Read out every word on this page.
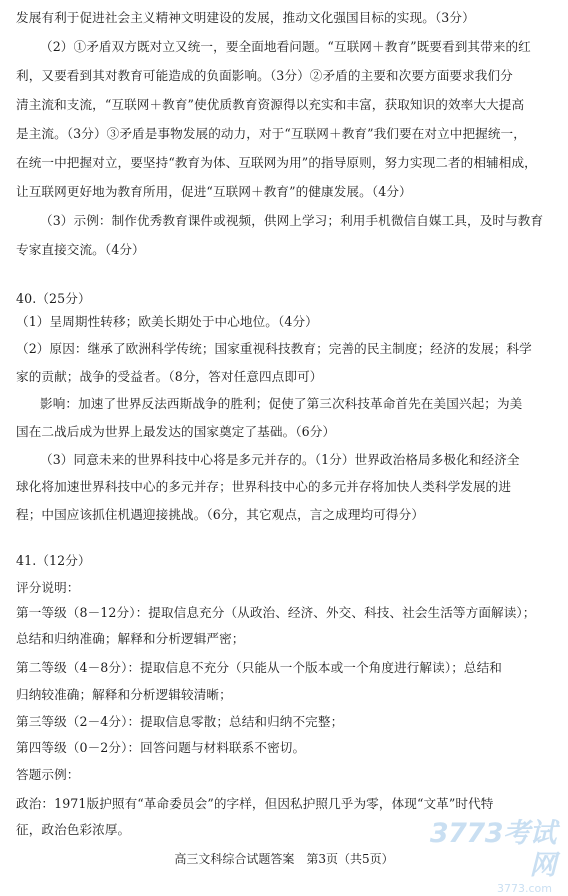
发展有利于促进社会主义精神文明建设的发展，推动文化强国目标的实现。（3分）
（2）①矛盾双方既对立又统一，要全面地看问题。“互联网＋教育”既要看到其带来的红
利，又要看到其对教育可能造成的负面影响。（3分）②矛盾的主要和次要方面要求我们分
清主流和支流，“互联网＋教育”使优质教育资源得以充实和丰富，获取知识的效率大大提高
是主流。（3分）③矛盾是事物发展的动力，对于“互联网＋教育”我们要在对立中把握统一，
在统一中把握对立，要坚持“教育为体、互联网为用”的指导原则，努力实现二者的相辅相成，
让互联网更好地为教育所用，促进“互联网＋教育”的健康发展。（4分）
（3）示例：制作优秀教育课件或视频，供网上学习；利用手机微信自媒工具，及时与教育
专家直接交流。（4分）
40.（25分）
（1）呈周期性转移；欧美长期处于中心地位。（4分）
（2）原因：继承了欧洲科学传统；国家重视科技教育；完善的民主制度；经济的发展；科学
家的贡献；战争的受益者。（8分，答对任意四点即可）
影响：加速了世界反法西斯战争的胜利；促使了第三次科技革命首先在美国兴起；为美
国在二战后成为世界上最发达的国家奠定了基础。（6分）
（3）同意未来的世界科技中心将是多元并存的。（1分）世界政治格局多极化和经济全
球化将加速世界科技中心的多元并存；世界科技中心的多元并存将加快人类科学发展的进
程；中国应该抓住机遇迎接挑战。（6分，其它观点，言之成理均可得分）
41.（12分）
评分说明：
第一等级（8－12分）：提取信息充分（从政治、经济、外交、科技、社会生活等方面解读）；
总结和归纳准确；解释和分析逻辑严密；
第二等级（4－8分）：提取信息不充分（只能从一个版本或一个角度进行解读）；总结和
归纳较准确；解释和分析逻辑较清晰；
第三等级（2－4分）：提取信息零散；总结和归纳不完整；
第四等级（0－2分）：回答问题与材料联系不密切。
答题示例：
政治：1971版护照有“革命委员会”的字样，但因私护照几乎为零，体现“文革”时代特
征，政治色彩浓厚。	3773考试网
3773.com
高三文科综合试题答案　第3页（共5页）
